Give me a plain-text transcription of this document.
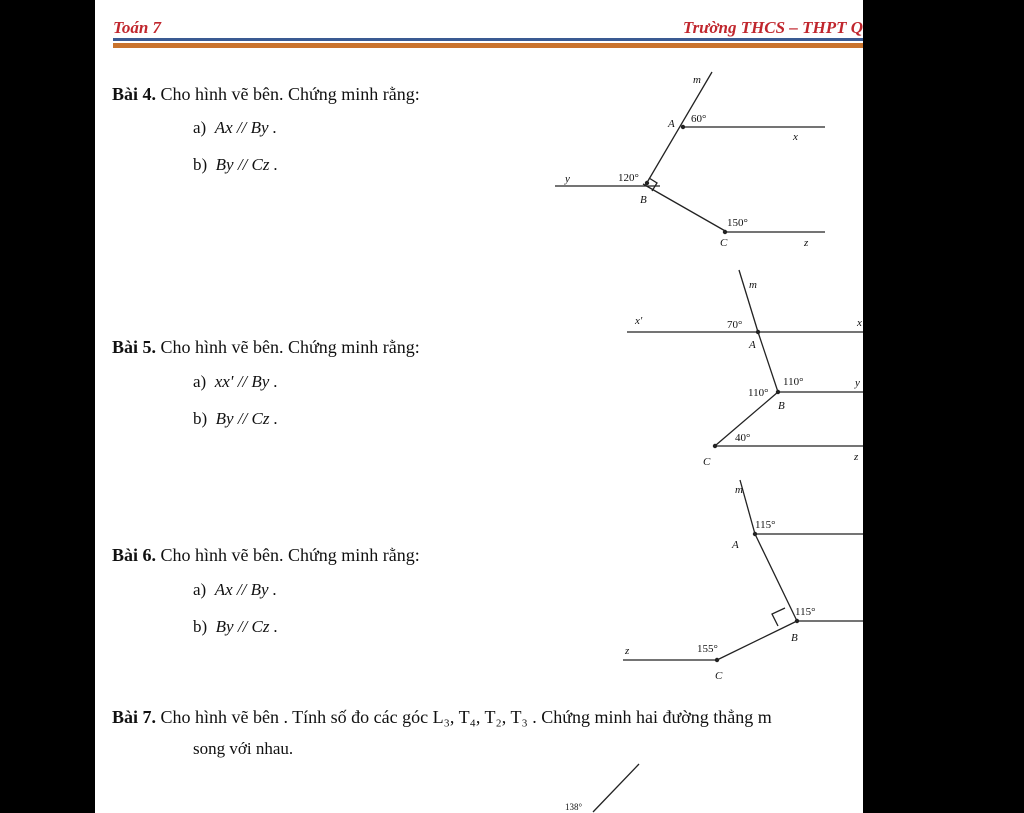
Toán 7	Trường THCS – THPT Q
Bài 4. Cho hình vẽ bên. Chứng minh rằng:
a) Ax // By .
b) By // Cz .
m
A 60°
x
y	120°
B
150°
C	z
Bài 5. Cho hình vẽ bên. Chứng minh rằng:
a) xx' // By .
b) By // Cz .
m
x'	70°	x
A
110°
110°	y
B
40°
C	z
Bài 6. Cho hình vẽ bên. Chứng minh rằng:
a) Ax // By .
b) By // Cz .
m
115°
A
115°
B
z	155°
C
Bài 7. Cho hình vẽ bên . Tính số đo các góc L₃, T₄, T₂, T₃ . Chứng minh hai đường thẳng m
song với nhau.
138°
